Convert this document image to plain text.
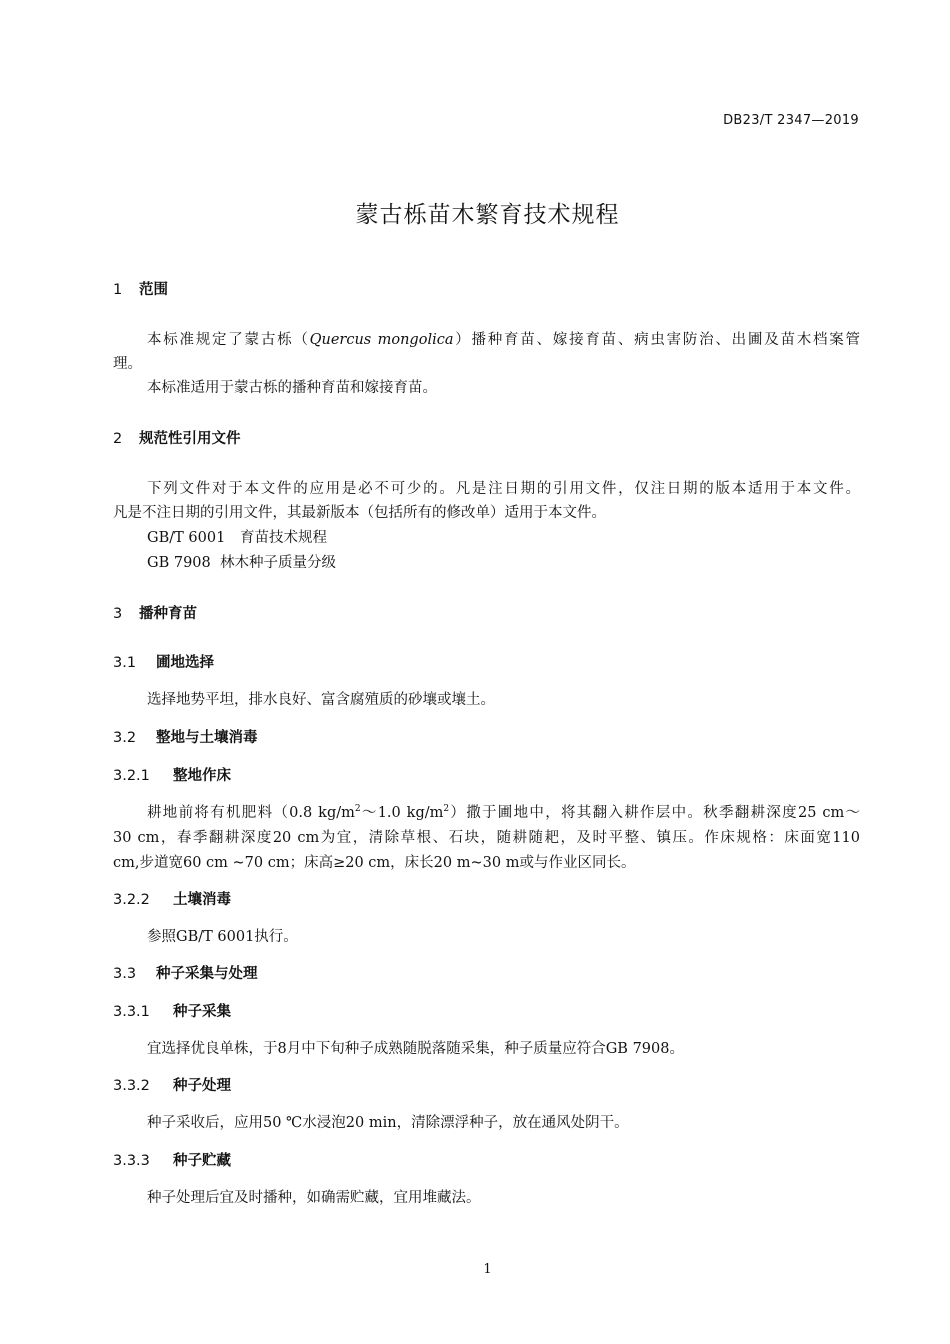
DB23/T 2347—2019
蒙古栎苗木繁育技术规程
1 范围
本标准规定了蒙古栎（Quercus mongolica）播种育苗、嫁接育苗、病虫害防治、出圃及苗木档案管
理。
本标准适用于蒙古栎的播种育苗和嫁接育苗。
2 规范性引用文件
下列文件对于本文件的应用是必不可少的。凡是注日期的引用文件，仅注日期的版本适用于本文件。
凡是不注日期的引用文件，其最新版本（包括所有的修改单）适用于本文件。
GB/T 6001 育苗技术规程
GB 7908 林木种子质量分级
3 播种育苗
3.1 圃地选择
选择地势平坦，排水良好、富含腐殖质的砂壤或壤土。
3.2 整地与土壤消毒
3.2.1 整地作床
耕地前将有机肥料（0.8 $kg/m^2\sim 1.0$ $kg/m^2$）撒于圃地中，将其翻入耕作层中。秋季翻耕深度25 cm～
30 cm，春季翻耕深度20 cm为宜，清除草根、石块，随耕随耙，及时平整、镇压。作床规格：床面宽110
cm,步道宽60 cm ~70 cm；床高≥20 cm，床长20 m~30 m或与作业区同长。
3.2.2 土壤消毒
参照GB/T 6001执行。
3.3 种子采集与处理
3.3.1 种子采集
宜选择优良单株，于8月中下旬种子成熟随脱落随采集，种子质量应符合GB 7908。
3.3.2 种子处理
种子采收后，应用50 ℃水浸泡20 min，清除漂浮种子，放在通风处阴干。
3.3.3 种子贮藏
种子处理后宜及时播种，如确需贮藏，宜用堆藏法。
1
